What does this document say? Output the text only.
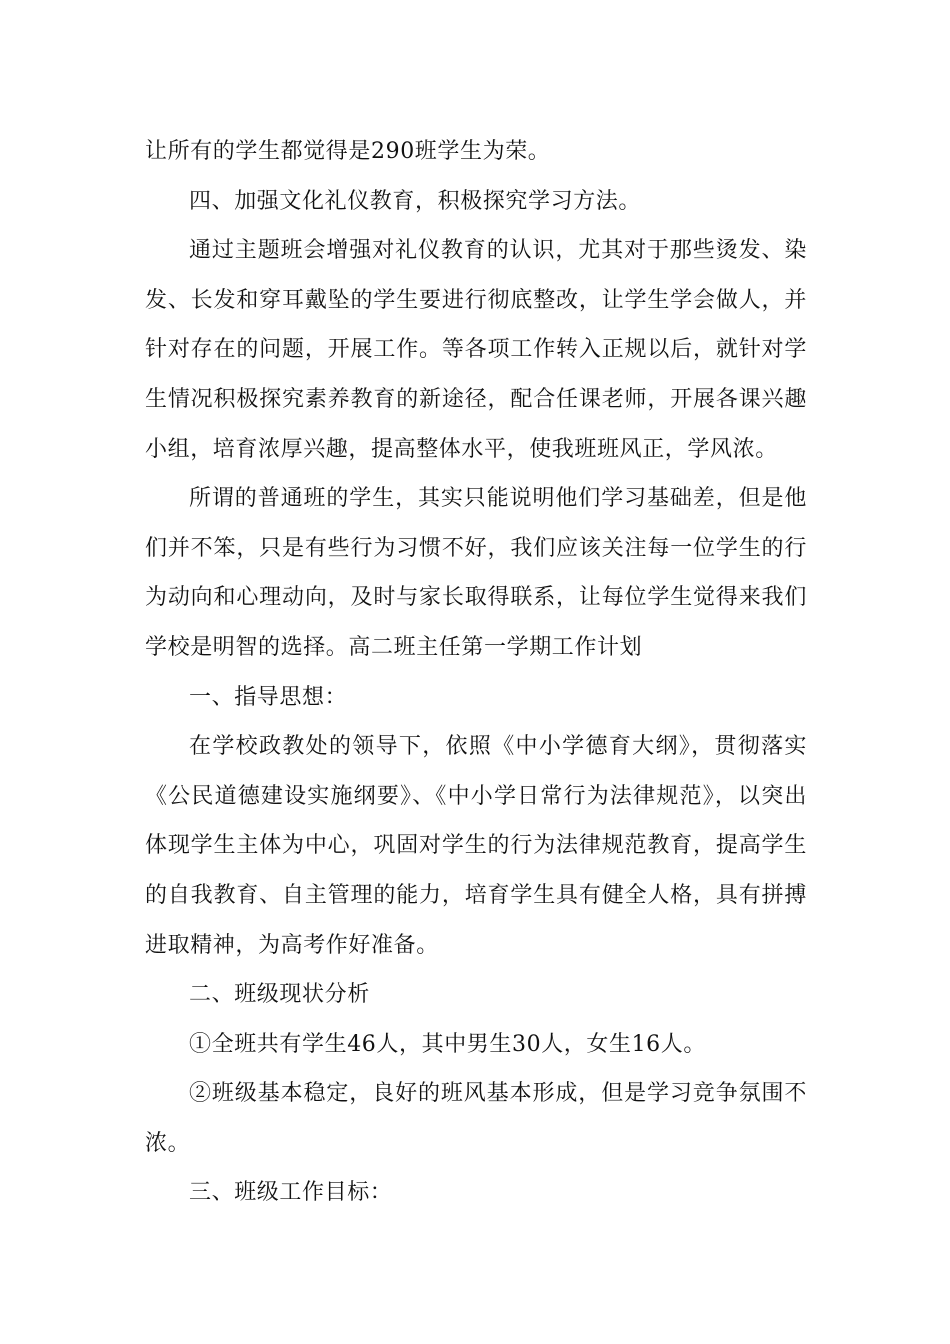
让所有的学生都觉得是290班学生为荣。

四、加强文化礼仪教育，积极探究学习方法。

通过主题班会增强对礼仪教育的认识，尤其对于那些烫发、染发、长发和穿耳戴坠的学生要进行彻底整改，让学生学会做人，并针对存在的问题，开展工作。等各项工作转入正规以后，就针对学生情况积极探究素养教育的新途径，配合任课老师，开展各课兴趣小组，培育浓厚兴趣，提高整体水平，使我班班风正，学风浓。

所谓的普通班的学生，其实只能说明他们学习基础差，但是他们并不笨，只是有些行为习惯不好，我们应该关注每一位学生的行为动向和心理动向，及时与家长取得联系，让每位学生觉得来我们学校是明智的选择。高二班主任第一学期工作计划

一、指导思想：

在学校政教处的领导下，依照《中小学德育大纲》，贯彻落实《公民道德建设实施纲要》、《中小学日常行为法律规范》，以突出体现学生主体为中心，巩固对学生的行为法律规范教育，提高学生的自我教育、自主管理的能力，培育学生具有健全人格，具有拼搏进取精神，为高考作好准备。

二、班级现状分析

①全班共有学生46人，其中男生30人，女生16人。

②班级基本稳定，良好的班风基本形成，但是学习竞争氛围不浓。

三、班级工作目标：
